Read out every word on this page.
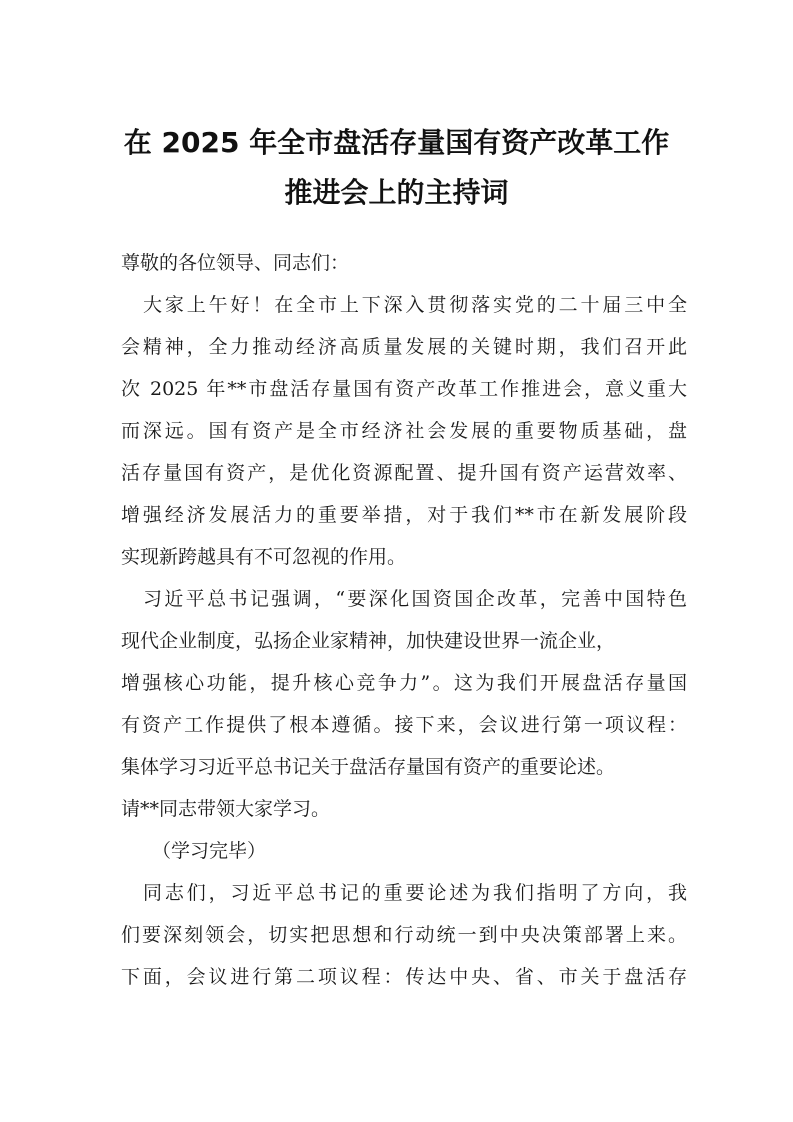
在 2025 年全市盘活存量国有资产改革工作
推进会上的主持词
尊敬的各位领导、同志们：
大家上午好！在全市上下深入贯彻落实党的二十届三中全
会精神，全力推动经济高质量发展的关键时期，我们召开此
次 2025 年**市盘活存量国有资产改革工作推进会，意义重大
而深远。国有资产是全市经济社会发展的重要物质基础，盘
活存量国有资产，是优化资源配置、提升国有资产运营效率、
增强经济发展活力的重要举措，对于我们**市在新发展阶段
实现新跨越具有不可忽视的作用。
习近平总书记强调，“要深化国资国企改革，完善中国特色
现代企业制度，弘扬企业家精神，加快建设世界一流企业，
增强核心功能，提升核心竞争力”。这为我们开展盘活存量国
有资产工作提供了根本遵循。接下来，会议进行第一项议程：
集体学习习近平总书记关于盘活存量国有资产的重要论述。
请**同志带领大家学习。
（学习完毕）
同志们，习近平总书记的重要论述为我们指明了方向，我
们要深刻领会，切实把思想和行动统一到中央决策部署上来。
下面，会议进行第二项议程：传达中央、省、市关于盘活存
